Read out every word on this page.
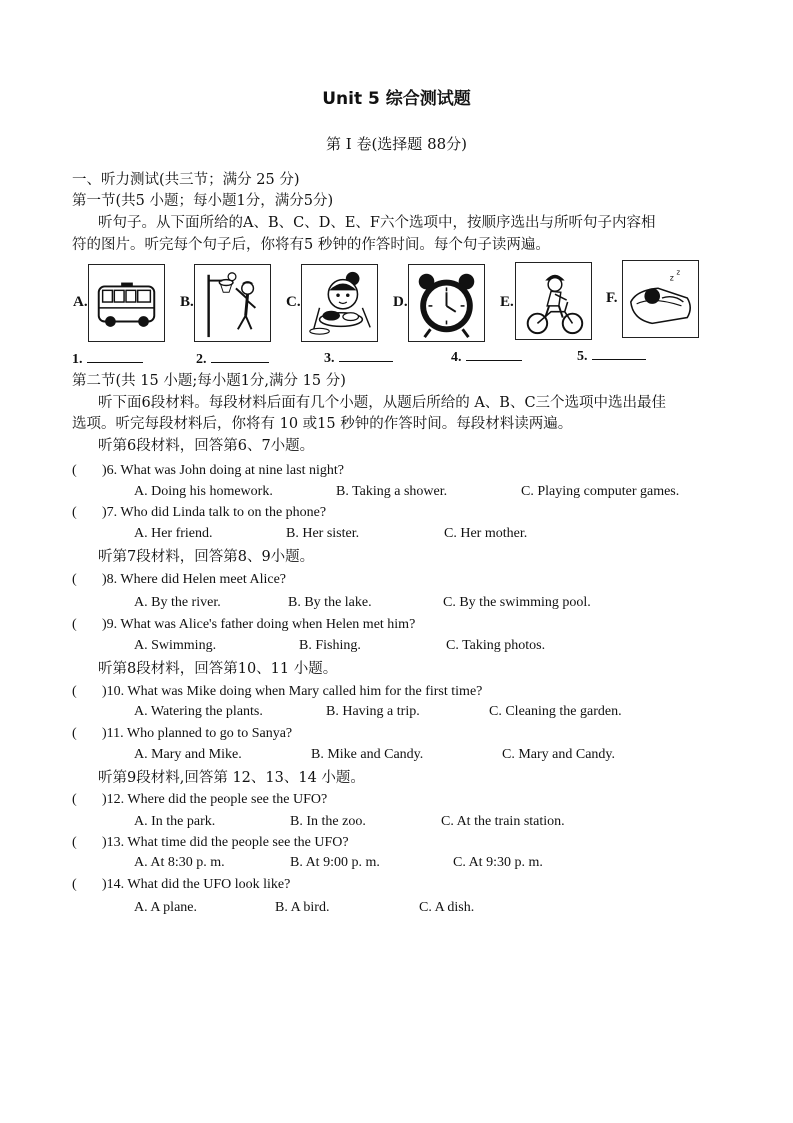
Unit 5 综合测试题
第 I 卷(选择题 88分)
一、听力测试(共三节；满分 25 分)
第一节(共5 小题；每小题1分，满分5分)
听句子。从下面所给的A、B、C、D、E、F六个选项中，按顺序选出与所听句子内容相
符的图片。听完每个句子后，你将有5 秒钟的作答时间。每个句子读两遍。
A.	B.	C.	D.	E.	F.
z
z
1.	2.	3.	4.	5.
第二节(共 15 小题;每小题1分,满分 15 分)
听下面6段材料。每段材料后面有几个小题，从题后所给的 A、B、C三个选项中选出最佳
选项。听完每段材料后，你将有 10 或15 秒钟的作答时间。每段材料读两遍。
听第6段材料，回答第6、7小题。
( )6. What was John doing at nine last night?
A. Doing his homework.	B. Taking a shower.	C. Playing computer games.
( )7. Who did Linda talk to on the phone?
A. Her friend.	B. Her sister.	C. Her mother.
听第7段材料，回答第8、9小题。
( )8. Where did Helen meet Alice?
A. By the river.	B. By the lake.	C. By the swimming pool.
( )9. What was Alice's father doing when Helen met him?
A. Swimming.	B. Fishing.	C. Taking photos.
听第8段材料，回答第10、11 小题。
( )10. What was Mike doing when Mary called him for the first time?
A. Watering the plants.	B. Having a trip.	C. Cleaning the garden.
( )11. Who planned to go to Sanya?
A. Mary and Mike.	B. Mike and Candy.	C. Mary and Candy.
听第9段材料,回答第 12、13、14 小题。
( )12. Where did the people see the UFO?
A. In the park.	B. In the zoo.	C. At the train station.
( )13. What time did the people see the UFO?
A. At 8:30 p. m.	B. At 9:00 p. m.	C. At 9:30 p. m.
( )14. What did the UFO look like?
A. A plane.	B. A bird.	C. A dish.
